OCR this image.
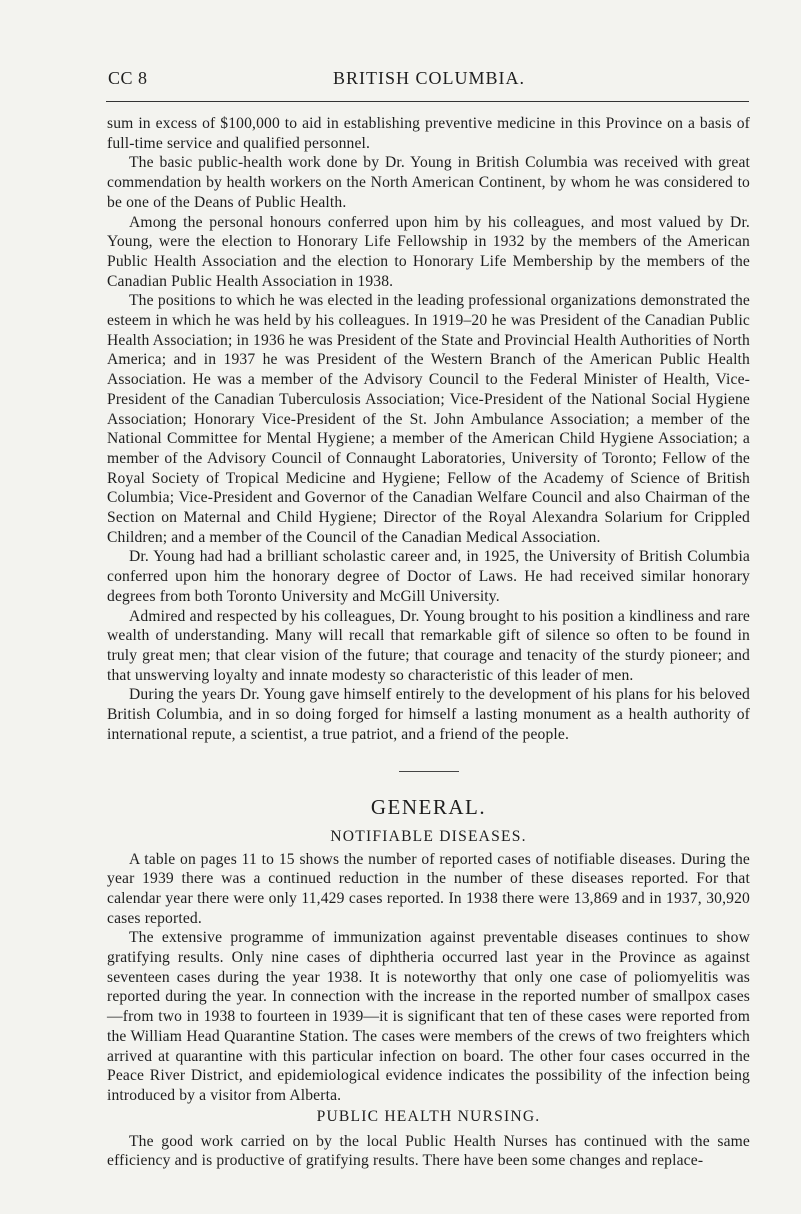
CC 8	BRITISH COLUMBIA.

sum in excess of $100,000 to aid in establishing preventive medicine in this Province on a basis of full-time service and qualified personnel.

The basic public-health work done by Dr. Young in British Columbia was received with great commendation by health workers on the North American Continent, by whom he was considered to be one of the Deans of Public Health.

Among the personal honours conferred upon him by his colleagues, and most valued by Dr. Young, were the election to Honorary Life Fellowship in 1932 by the members of the American Public Health Association and the election to Honorary Life Membership by the members of the Canadian Public Health Association in 1938.

The positions to which he was elected in the leading professional organizations demonstrated the esteem in which he was held by his colleagues. In 1919–20 he was President of the Canadian Public Health Association; in 1936 he was President of the State and Provincial Health Authorities of North America; and in 1937 he was President of the Western Branch of the American Public Health Association. He was a member of the Advisory Council to the Federal Minister of Health, Vice-President of the Canadian Tuberculosis Association; Vice-President of the National Social Hygiene Association; Honorary Vice-President of the St. John Ambulance Association; a member of the National Committee for Mental Hygiene; a member of the American Child Hygiene Association; a member of the Advisory Council of Connaught Laboratories, University of Toronto; Fellow of the Royal Society of Tropical Medicine and Hygiene; Fellow of the Academy of Science of British Columbia; Vice-President and Governor of the Canadian Welfare Council and also Chairman of the Section on Maternal and Child Hygiene; Director of the Royal Alexandra Solarium for Crippled Children; and a member of the Council of the Canadian Medical Association.

Dr. Young had had a brilliant scholastic career and, in 1925, the University of British Columbia conferred upon him the honorary degree of Doctor of Laws. He had received similar honorary degrees from both Toronto University and McGill University.

Admired and respected by his colleagues, Dr. Young brought to his position a kindliness and rare wealth of understanding. Many will recall that remarkable gift of silence so often to be found in truly great men; that clear vision of the future; that courage and tenacity of the sturdy pioneer; and that unswerving loyalty and innate modesty so characteristic of this leader of men.

During the years Dr. Young gave himself entirely to the development of his plans for his beloved British Columbia, and in so doing forged for himself a lasting monument as a health authority of international repute, a scientist, a true patriot, and a friend of the people.

GENERAL.
NOTIFIABLE DISEASES.

A table on pages 11 to 15 shows the number of reported cases of notifiable diseases. During the year 1939 there was a continued reduction in the number of these diseases reported. For that calendar year there were only 11,429 cases reported. In 1938 there were 13,869 and in 1937, 30,920 cases reported.

The extensive programme of immunization against preventable diseases continues to show gratifying results. Only nine cases of diphtheria occurred last year in the Province as against seventeen cases during the year 1938. It is noteworthy that only one case of poliomyelitis was reported during the year. In connection with the increase in the reported number of smallpox cases—from two in 1938 to fourteen in 1939—it is significant that ten of these cases were reported from the William Head Quarantine Station. The cases were members of the crews of two freighters which arrived at quarantine with this particular infection on board. The other four cases occurred in the Peace River District, and epidemiological evidence indicates the possibility of the infection being introduced by a visitor from Alberta.

PUBLIC HEALTH NURSING.

The good work carried on by the local Public Health Nurses has continued with the same efficiency and is productive of gratifying results. There have been some changes and replace-
